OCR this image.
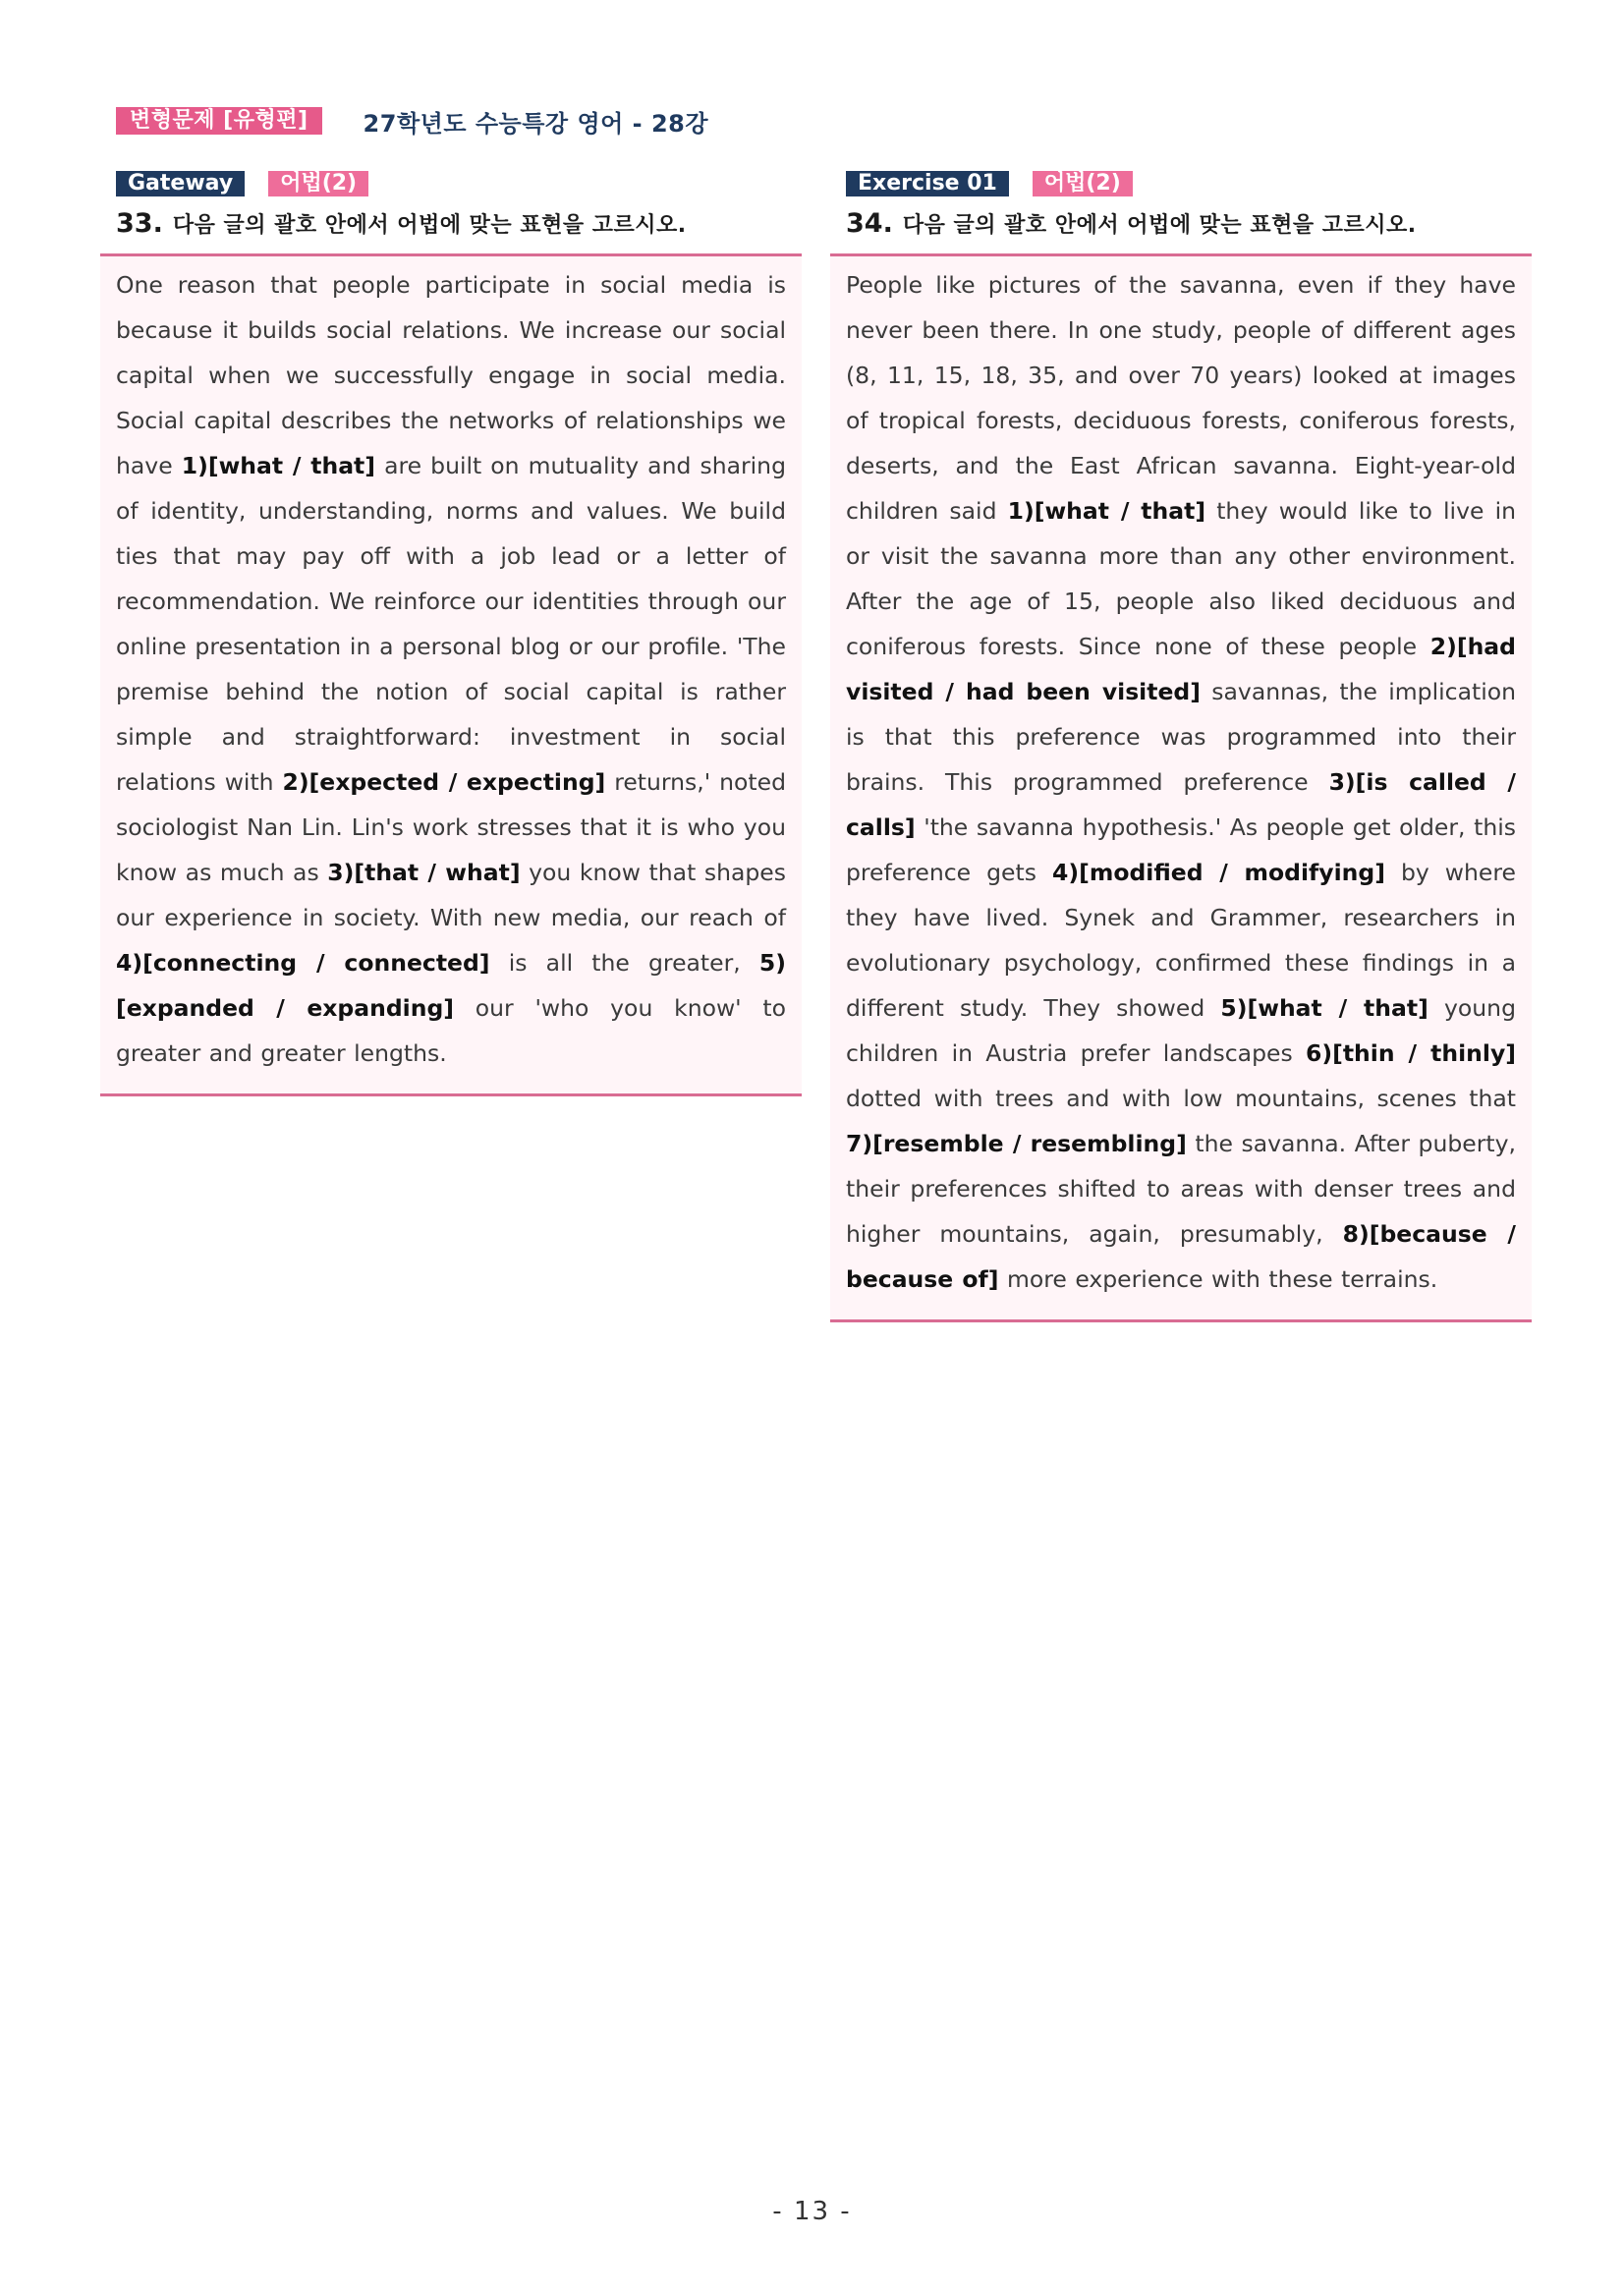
변형문제 [유형편]	27학년도 수능특강 영어 - 28강
Gateway	어법(2)
33. 다음 글의 괄호 안에서 어법에 맞는 표현을 고르시오.

One reason that people participate in social media is because it builds social relations. We increase our social capital when we successfully engage in social media. Social capital describes the networks of relationships we have 1)[what / that] are built on mutuality and sharing of identity, understanding, norms and values. We build ties that may pay off with a job lead or a letter of recommendation. We reinforce our identities through our online presentation in a personal blog or our profile. 'The premise behind the notion of social capital is rather simple and straightforward: investment in social relations with 2)[expected / expecting] returns,' noted sociologist Nan Lin. Lin's work stresses that it is who you know as much as 3)[that / what] you know that shapes our experience in society. With new media, our reach of 4)[connecting / connected] is all the greater, 5)[expanded / expanding] our 'who you know' to greater and greater lengths.

Exercise 01	어법(2)
34. 다음 글의 괄호 안에서 어법에 맞는 표현을 고르시오.

People like pictures of the savanna, even if they have never been there. In one study, people of different ages (8, 11, 15, 18, 35, and over 70 years) looked at images of tropical forests, deciduous forests, coniferous forests, deserts, and the East African savanna. Eight-year-old children said 1)[what / that] they would like to live in or visit the savanna more than any other environment. After the age of 15, people also liked deciduous and coniferous forests. Since none of these people 2)[had visited / had been visited] savannas, the implication is that this preference was programmed into their brains. This programmed preference 3)[is called / calls] 'the savanna hypothesis.' As people get older, this preference gets 4)[modified / modifying] by where they have lived. Synek and Grammer, researchers in evolutionary psychology, confirmed these findings in a different study. They showed 5)[what / that] young children in Austria prefer landscapes 6)[thin / thinly] dotted with trees and with low mountains, scenes that 7)[resemble / resembling] the savanna. After puberty, their preferences shifted to areas with denser trees and higher mountains, again, presumably, 8)[because / because of] more experience with these terrains.

- 13 -
